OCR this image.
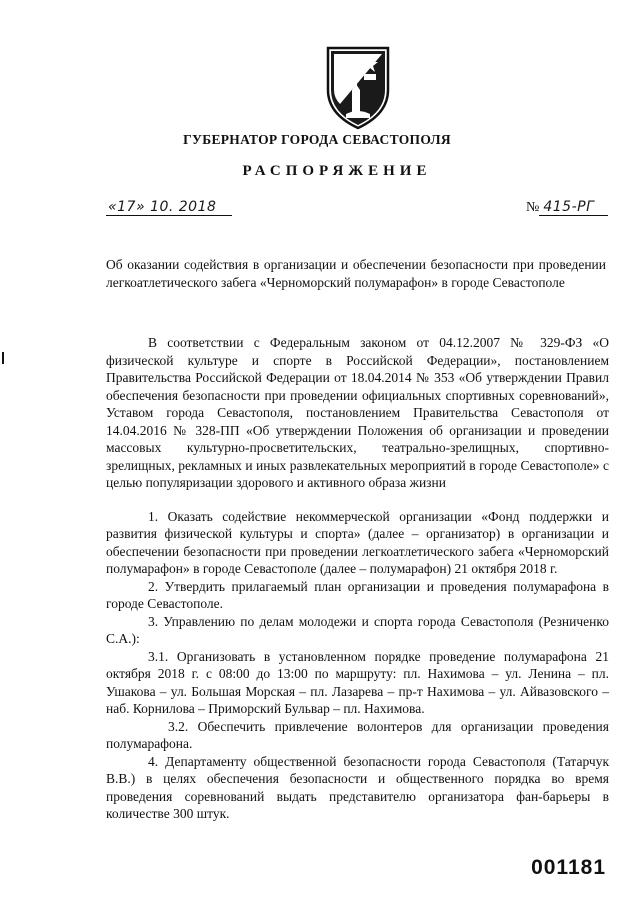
ГУБЕРНАТОР ГОРОДА СЕВАСТОПОЛЯ
РАСПОРЯЖЕНИЕ
«17» 10. 2018	№ 415-РГ
Об оказании содействия в организации и обеспечении безопасности при проведении легкоатлетического забега «Черноморский полумарафон» в городе Севастополе

В соответствии с Федеральным законом от 04.12.2007 № 329-ФЗ «О физической культуре и спорте в Российской Федерации», постановлением Правительства Российской Федерации от 18.04.2014 № 353 «Об утверждении Правил обеспечения безопасности при проведении официальных спортивных соревнований», Уставом города Севастополя, постановлением Правительства Севастополя от 14.04.2016 № 328-ПП «Об утверждении Положения об организации и проведении массовых культурно-просветительских, театрально-зрелищных, спортивно-зрелищных, рекламных и иных развлекательных мероприятий в городе Севастополе» с целью популяризации здорового и активного образа жизни

1. Оказать содействие некоммерческой организации «Фонд поддержки и развития физической культуры и спорта» (далее – организатор) в организации и обеспечении безопасности при проведении легкоатлетического забега «Черноморский полумарафон» в городе Севастополе (далее – полумарафон) 21 октября 2018 г.

2. Утвердить прилагаемый план организации и проведения полумарафона в городе Севастополе.

3. Управлению по делам молодежи и спорта города Севастополя (Резниченко С.А.):

3.1. Организовать в установленном порядке проведение полумарафона 21 октября 2018 г. с 08:00 до 13:00 по маршруту: пл. Нахимова – ул. Ленина – пл. Ушакова – ул. Большая Морская – пл. Лазарева – пр-т Нахимова – ул. Айвазовского – наб. Корнилова – Приморский Бульвар – пл. Нахимова.

3.2. Обеспечить привлечение волонтеров для организации проведения полумарафона.

4. Департаменту общественной безопасности города Севастополя (Татарчук В.В.) в целях обеспечения безопасности и общественного порядка во время проведения соревнований выдать представителю организатора фан-барьеры в количестве 300 штук.

001181
